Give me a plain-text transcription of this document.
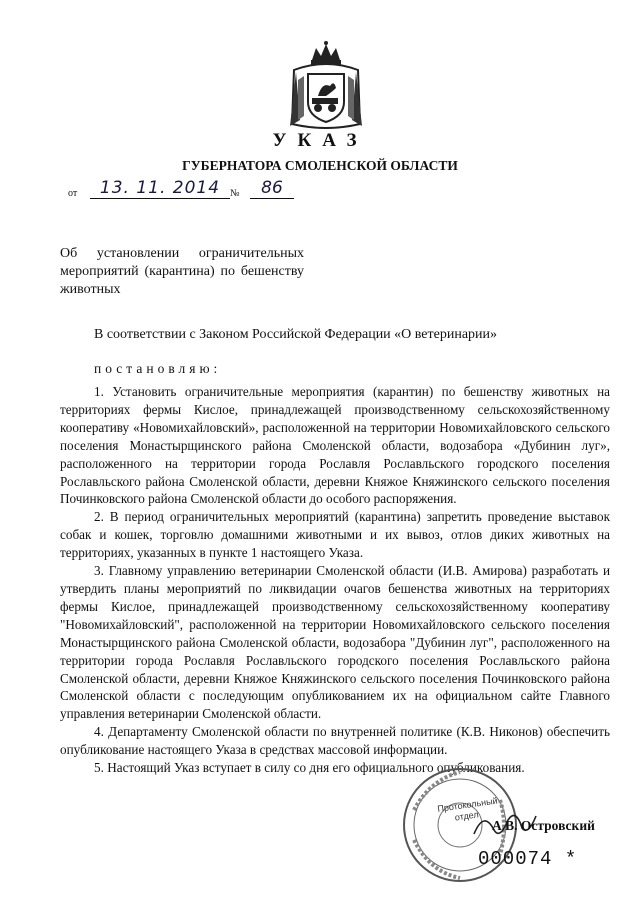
УКАЗ
ГУБЕРНАТОРА СМОЛЕНСКОЙ ОБЛАСТИ
от	13. 11. 2014 №	86
Об установлении ограничительных мероприятий (карантина) по бешенству животных
В соответствии с Законом Российской Федерации «О ветеринарии»
постановляю:

1. Установить ограничительные мероприятия (карантин) по бешенству животных на территориях фермы Кислое, принадлежащей производственному сельскохозяйственному кооперативу «Новомихайловский», расположенной на территории Новомихайловского сельского поселения Монастырщинского района Смоленской области, водозабора «Дубинин луг», расположенного на территории города Рославля Рославльского городского поселения Рославльского района Смоленской области, деревни Княжое Княжинского сельского поселения Починковского района Смоленской области до особого распоряжения.

2. В период ограничительных мероприятий (карантина) запретить проведение выставок собак и кошек, торговлю домашними животными и их вывоз, отлов диких животных на территориях, указанных в пункте 1 настоящего Указа.

3. Главному управлению ветеринарии Смоленской области (И.В. Амирова) разработать и утвердить планы мероприятий по ликвидации очагов бешенства животных на территориях фермы Кислое, принадлежащей производственному сельскохозяйственному кооперативу "Новомихайловский", расположенной на территории Новомихайловского сельского поселения Монастырщинского района Смоленской области, водозабора "Дубинин луг", расположенного на территории города Рославля Рославльского городского поселения Рославльского района Смоленской области, деревни Княжое Княжинского сельского поселения Починковского района Смоленской области с последующим опубликованием их на официальном сайте Главного управления ветеринарии Смоленской области.

4. Департаменту Смоленской области по внутренней политике (К.В. Никонов) обеспечить опубликование настоящего Указа в средствах массовой информации.

5. Настоящий Указ вступает в силу со дня его официального опубликования.

Протокольный отдел
А.В. Островский
000074 *
